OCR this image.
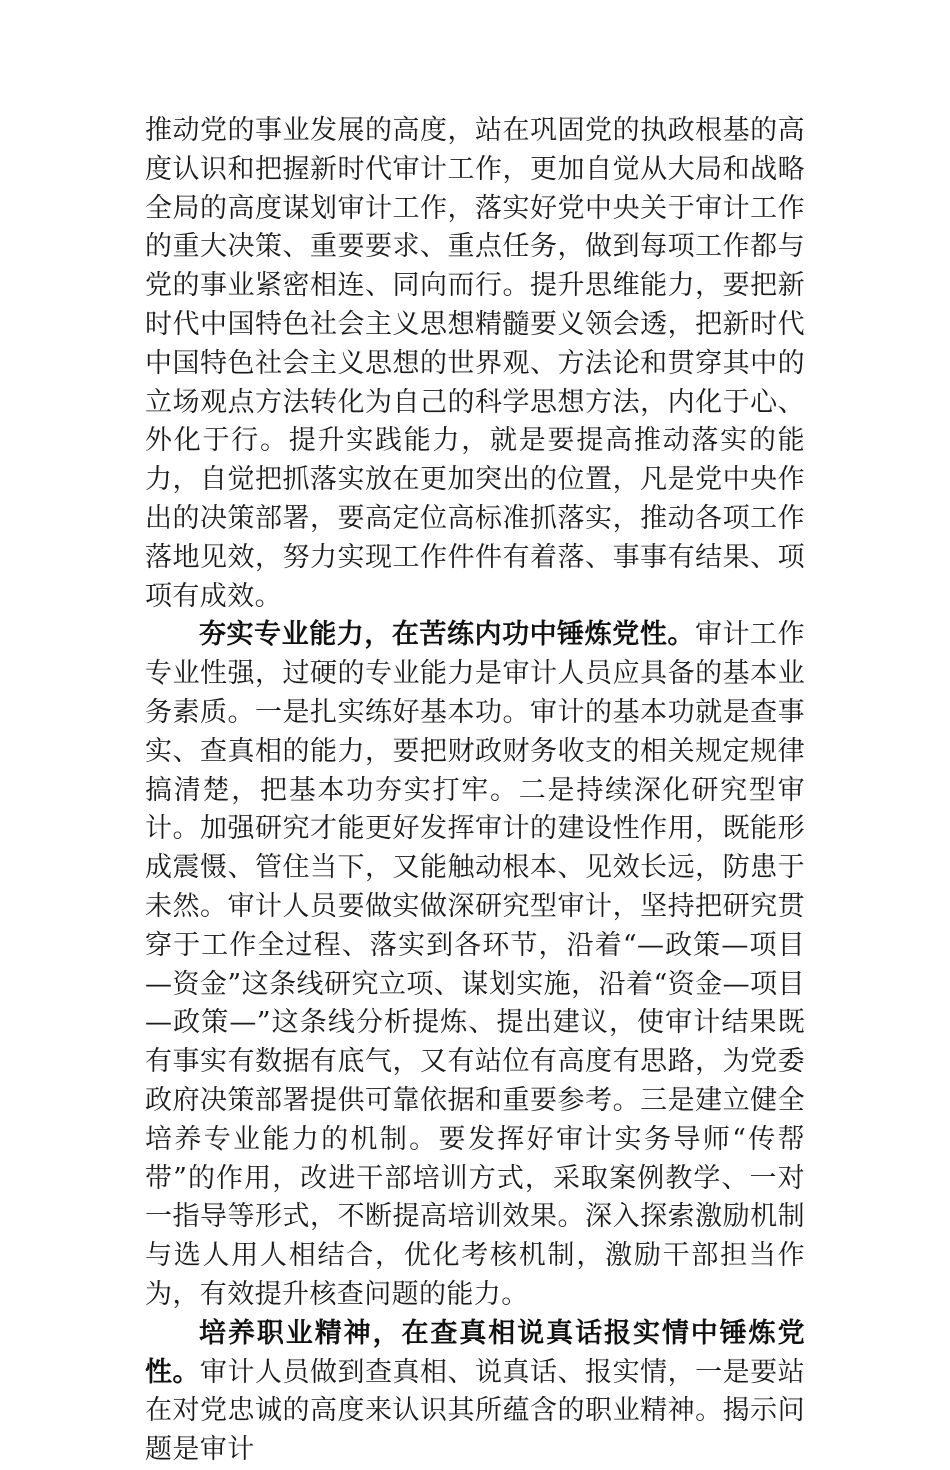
推动党的事业发展的高度，站在巩固党的执政根基的高度认识和把握新时代审计工作，更加自觉从大局和战略全局的高度谋划审计工作，落实好党中央关于审计工作的重大决策、重要要求、重点任务，做到每项工作都与党的事业紧密相连、同向而行。提升思维能力，要把新时代中国特色社会主义思想精髓要义领会透，把新时代中国特色社会主义思想的世界观、方法论和贯穿其中的立场观点方法转化为自己的科学思想方法，内化于心、外化于行。提升实践能力，就是要提高推动落实的能力，自觉把抓落实放在更加突出的位置，凡是党中央作出的决策部署，要高定位高标准抓落实，推动各项工作落地见效，努力实现工作件件有着落、事事有结果、项项有成效。

夯实专业能力，在苦练内功中锤炼党性。审计工作专业性强，过硬的专业能力是审计人员应具备的基本业务素质。一是扎实练好基本功。审计的基本功就是查事实、查真相的能力，要把财政财务收支的相关规定规律搞清楚，把基本功夯实打牢。二是持续深化研究型审计。加强研究才能更好发挥审计的建设性作用，既能形成震慑、管住当下，又能触动根本、见效长远，防患于未然。审计人员要做实做深研究型审计，坚持把研究贯穿于工作全过程、落实到各环节，沿着“—政策—项目—资金”这条线研究立项、谋划实施，沿着“资金—项目—政策—”这条线分析提炼、提出建议，使审计结果既有事实有数据有底气，又有站位有高度有思路，为党委政府决策部署提供可靠依据和重要参考。三是建立健全培养专业能力的机制。要发挥好审计实务导师“传帮带”的作用，改进干部培训方式，采取案例教学、一对一指导等形式，不断提高培训效果。深入探索激励机制与选人用人相结合，优化考核机制，激励干部担当作为，有效提升核查问题的能力。

培养职业精神，在查真相说真话报实情中锤炼党性。审计人员做到查真相、说真话、报实情，一是要站在对党忠诚的高度来认识其所蕴含的职业精神。揭示问题是审计
